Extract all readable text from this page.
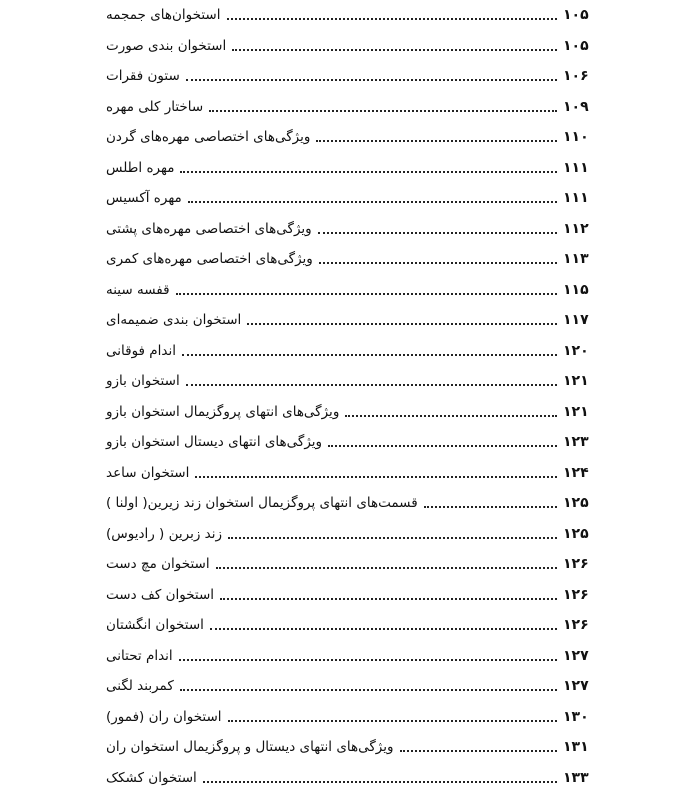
استخوان‌های جمجمه	۱۰۵
استخوان بندی صورت	۱۰۵
ستون فقرات	۱۰۶
ساختار کلی مهره	۱۰۹
ویژگی‌های اختصاصی مهره‌های گردن	۱۱۰
مهره اطلس	۱۱۱
مهره آکسیس	۱۱۱
ویژگی‌های اختصاصی مهره‌های پشتی	۱۱۲
ویژگی‌های اختصاصی مهره‌های کمری	۱۱۳
قفسه سینه	۱۱۵
استخوان بندی ضمیمه‌ای	۱۱۷
اندام فوقانی	۱۲۰
استخوان بازو	۱۲۱
ویژگی‌های انتهای پروگزیمال استخوان بازو	۱۲۱
ویژگی‌های انتهای دیستال استخوان بازو	۱۲۳
استخوان ساعد	۱۲۴
قسمت‌های انتهای پروگزیمال استخوان زند زیرین( اولنا )	۱۲۵
زند زبرین ( رادیوس)	۱۲۵
استخوان مچ دست	۱۲۶
استخوان کف دست	۱۲۶
استخوان انگشتان	۱۲۶
اندام تحتانی	۱۲۷
کمربند لگنی	۱۲۷
استخوان ران (فمور)	۱۳۰
ویژگی‌های انتهای دیستال و پروگزیمال استخوان ران	۱۳۱
استخوان کشکک	۱۳۳
